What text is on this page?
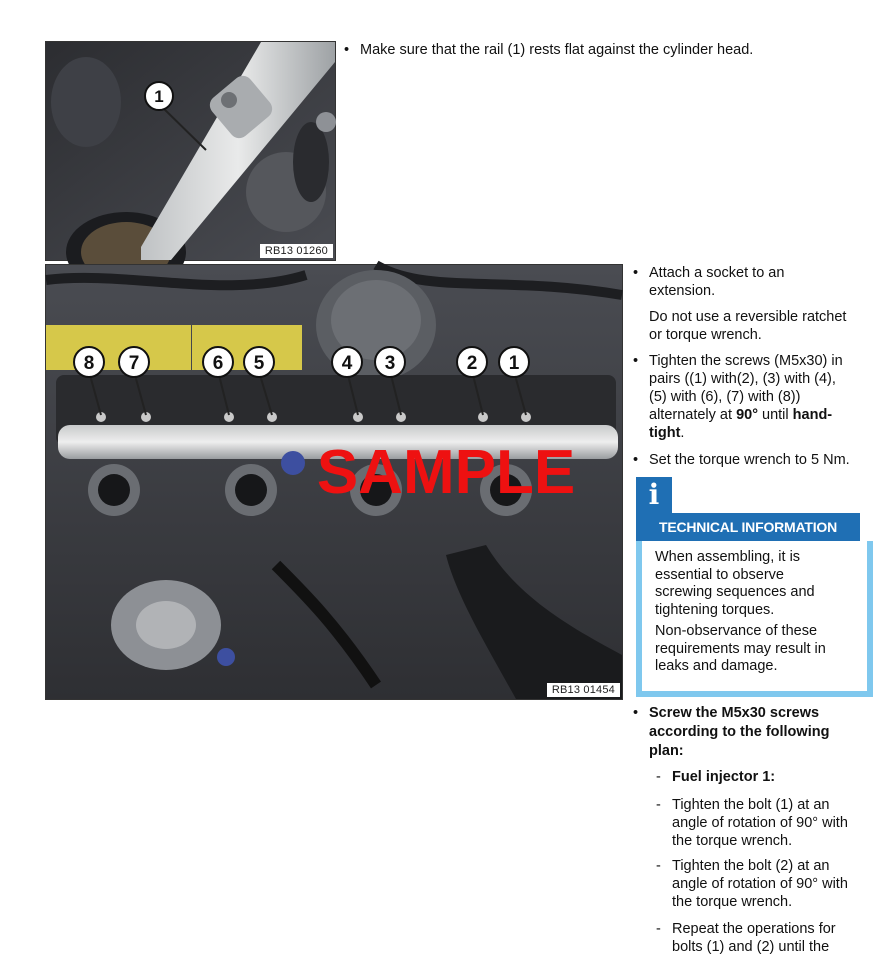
1
RB13 01260
8 7	6 5	4 3	2 1
SAMPLE
RB13 01454
• Make sure that the rail (1) rests flat against the cylinder head.
• Attach a socket to an
extension.
Do not use a reversible ratchet
or torque wrench.
• Tighten the screws (M5x30) in
pairs ((1) with(2), (3) with (4),
(5) with (6), (7) with (8))
alternately at 90° until hand-
tight.
• Set the torque wrench to 5 Nm.
i
TECHNICAL INFORMATION

When assembling, it is essential to observe screwing sequences and tightening torques.

Non-observance of these requirements may result in leaks and damage.

• Screw the M5x30 screws
according to the following
plan:
- Fuel injector 1:
- Tighten the bolt (1) at an
angle of rotation of 90° with
the torque wrench.
- Tighten the bolt (2) at an
angle of rotation of 90° with
the torque wrench.
- Repeat the operations for
bolts (1) and (2) until the
